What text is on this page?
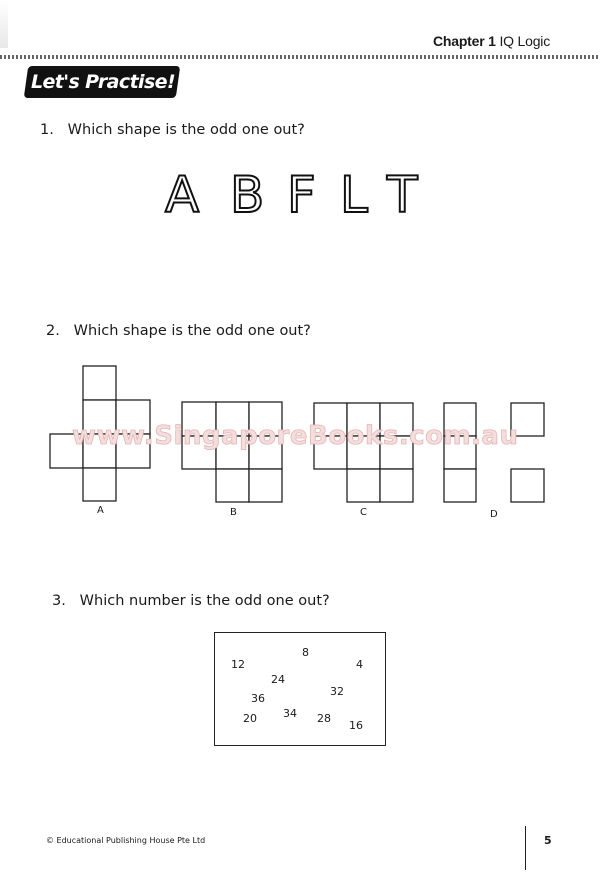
Chapter 1 IQ Logic
Let's Practise!
1. Which shape is the odd one out?
A B F L T
2. Which shape is the odd one out?
A	B	C	D
www.SingaporeBooks.com.au
3. Which number is the odd one out?
8
12	4
24
32
36
20 34 28
16
© Educational Publishing House Pte Ltd	5
